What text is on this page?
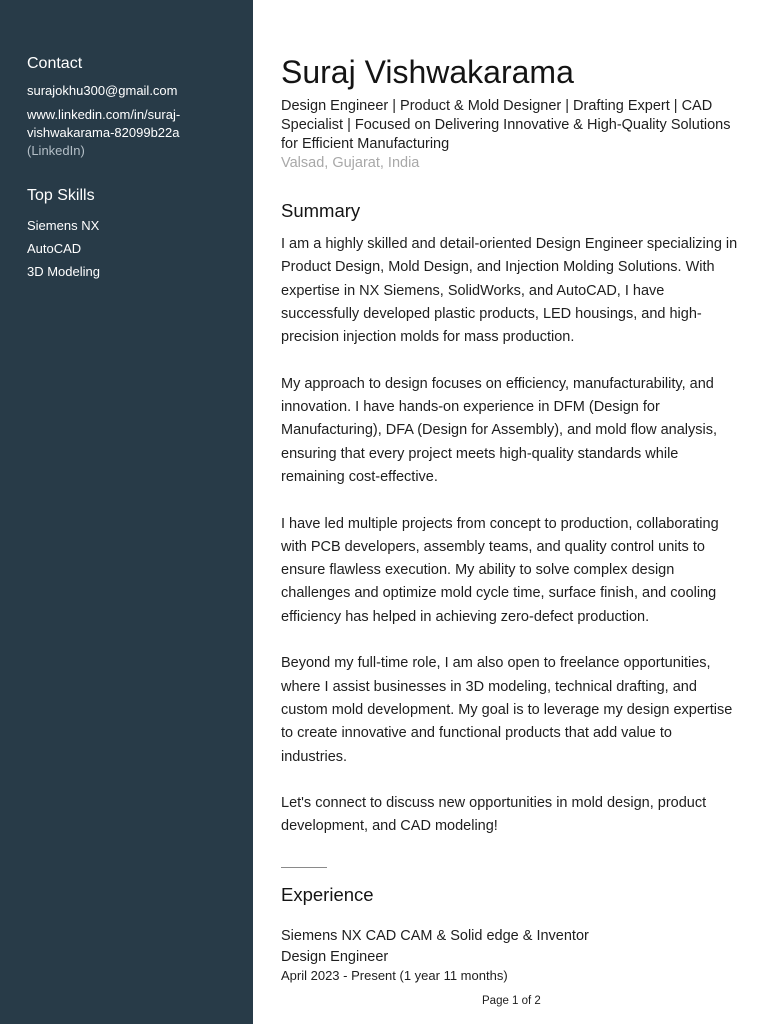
Contact
surajokhu300@gmail.com
www.linkedin.com/in/suraj-vishwakarama-82099b22a
(LinkedIn)
Top Skills
Siemens NX
AutoCAD
3D Modeling
Suraj Vishwakarama
Design Engineer | Product & Mold Designer | Drafting Expert | CAD Specialist | Focused on Delivering Innovative & High-Quality Solutions for Efficient Manufacturing
Valsad, Gujarat, India
Summary

I am a highly skilled and detail-oriented Design Engineer specializing in Product Design, Mold Design, and Injection Molding Solutions. With expertise in NX Siemens, SolidWorks, and AutoCAD, I have successfully developed plastic products, LED housings, and high-precision injection molds for mass production.

My approach to design focuses on efficiency, manufacturability, and innovation. I have hands-on experience in DFM (Design for Manufacturing), DFA (Design for Assembly), and mold flow analysis, ensuring that every project meets high-quality standards while remaining cost-effective.

I have led multiple projects from concept to production, collaborating with PCB developers, assembly teams, and quality control units to ensure flawless execution. My ability to solve complex design challenges and optimize mold cycle time, surface finish, and cooling efficiency has helped in achieving zero-defect production.

Beyond my full-time role, I am also open to freelance opportunities, where I assist businesses in 3D modeling, technical drafting, and custom mold development. My goal is to leverage my design expertise to create innovative and functional products that add value to industries.

Let's connect to discuss new opportunities in mold design, product development, and CAD modeling!

Experience
Siemens NX CAD CAM & Solid edge & Inventor
Design Engineer
April 2023 - Present (1 year 11 months)
Page 1 of 2
